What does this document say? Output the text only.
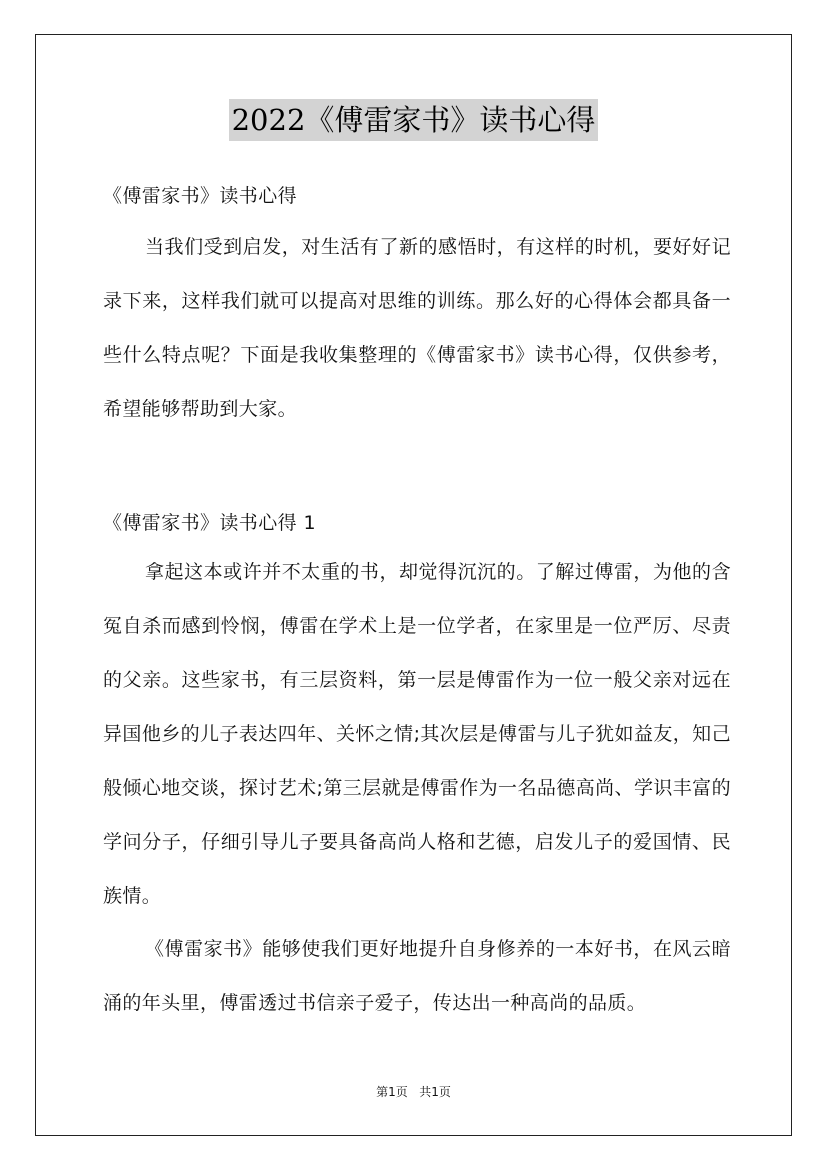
2022《傅雷家书》读书心得
《傅雷家书》读书心得
当我们受到启发，对生活有了新的感悟时，有这样的时机，要好好记录下来，这样我们就可以提高对思维的训练。那么好的心得体会都具备一些什么特点呢？下面是我收集整理的《傅雷家书》读书心得，仅供参考，希望能够帮助到大家。
《傅雷家书》读书心得 1
拿起这本或许并不太重的书，却觉得沉沉的。了解过傅雷，为他的含冤自杀而感到怜悯，傅雷在学术上是一位学者，在家里是一位严厉、尽责的父亲。这些家书，有三层资料，第一层是傅雷作为一位一般父亲对远在异国他乡的儿子表达四年、关怀之情;其次层是傅雷与儿子犹如益友，知己般倾心地交谈，探讨艺术;第三层就是傅雷作为一名品德高尚、学识丰富的学问分子，仔细引导儿子要具备高尚人格和艺德，启发儿子的爱国情、民族情。
《傅雷家书》能够使我们更好地提升自身修养的一本好书，在风云暗涌的年头里，傅雷透过书信亲子爱子，传达出一种高尚的品质。
第1页   共1页
